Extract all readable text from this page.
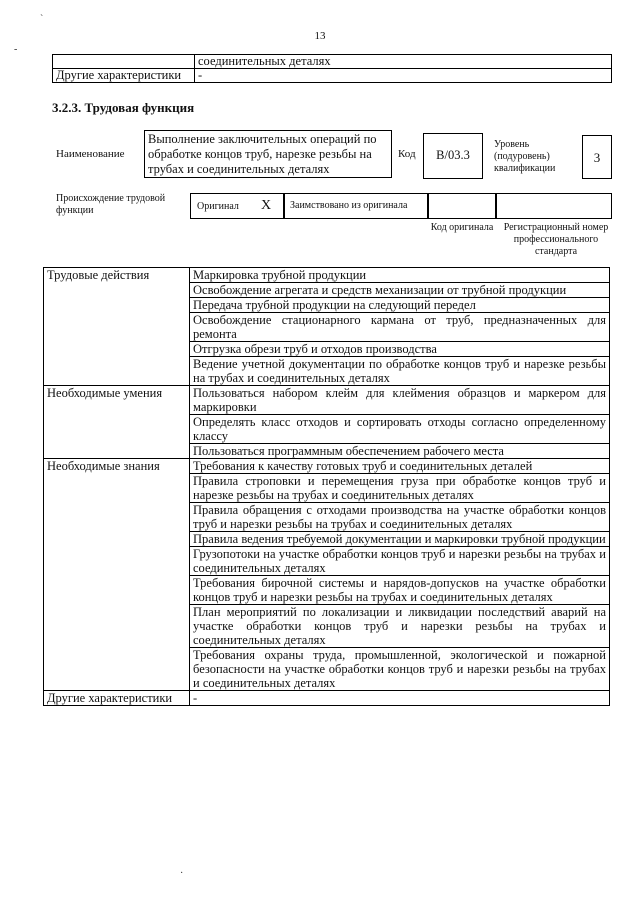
`
-
·
13
	соединительных деталях
Другие характеристики	-
3.2.3. Трудовая функция
Наименование
Выполнение заключительных операций по обработке концов труб, нарезке резьбы на трубах и соединительных деталях
Код	B/03.3
Уровень (подуровень) квалификации
3
Происхождение трудовой функции	Оригинал X	Заимствовано из оригинала
Код оригинала	Регистрационный номер профессионального стандарта
Трудовые действия	Маркировка трубной продукции
	Освобождение агрегата и средств механизации от трубной продукции
	Передача трубной продукции на следующий передел
	Освобождение стационарного кармана от труб, предназначенных для ремонта
	Отгрузка обрези труб и отходов производства
	Ведение учетной документации по обработке концов труб и нарезке резьбы на трубах и соединительных деталях
Необходимые умения	Пользоваться набором клейм для клеймения образцов и маркером для маркировки
	Определять класс отходов и сортировать отходы согласно определенному классу
	Пользоваться программным обеспечением рабочего места
Необходимые знания	Требования к качеству готовых труб и соединительных деталей
	Правила строповки и перемещения груза при обработке концов труб и нарезке резьбы на трубах и соединительных деталях
	Правила обращения с отходами производства на участке обработки концов труб и нарезки резьбы на трубах и соединительных деталях
	Правила ведения требуемой документации и маркировки трубной продукции
	Грузопотоки на участке обработки концов труб и нарезки резьбы на трубах и соединительных деталях
	Требования бирочной системы и нарядов-допусков на участке обработки концов труб и нарезки резьбы на трубах и соединительных деталях
	План мероприятий по локализации и ликвидации последствий аварий на участке обработки концов труб и нарезки резьбы на трубах и соединительных деталях
	Требования охраны труда, промышленной, экологической и пожарной безопасности на участке обработки концов труб и нарезки резьбы на трубах и соединительных деталях
Другие характеристики	-
